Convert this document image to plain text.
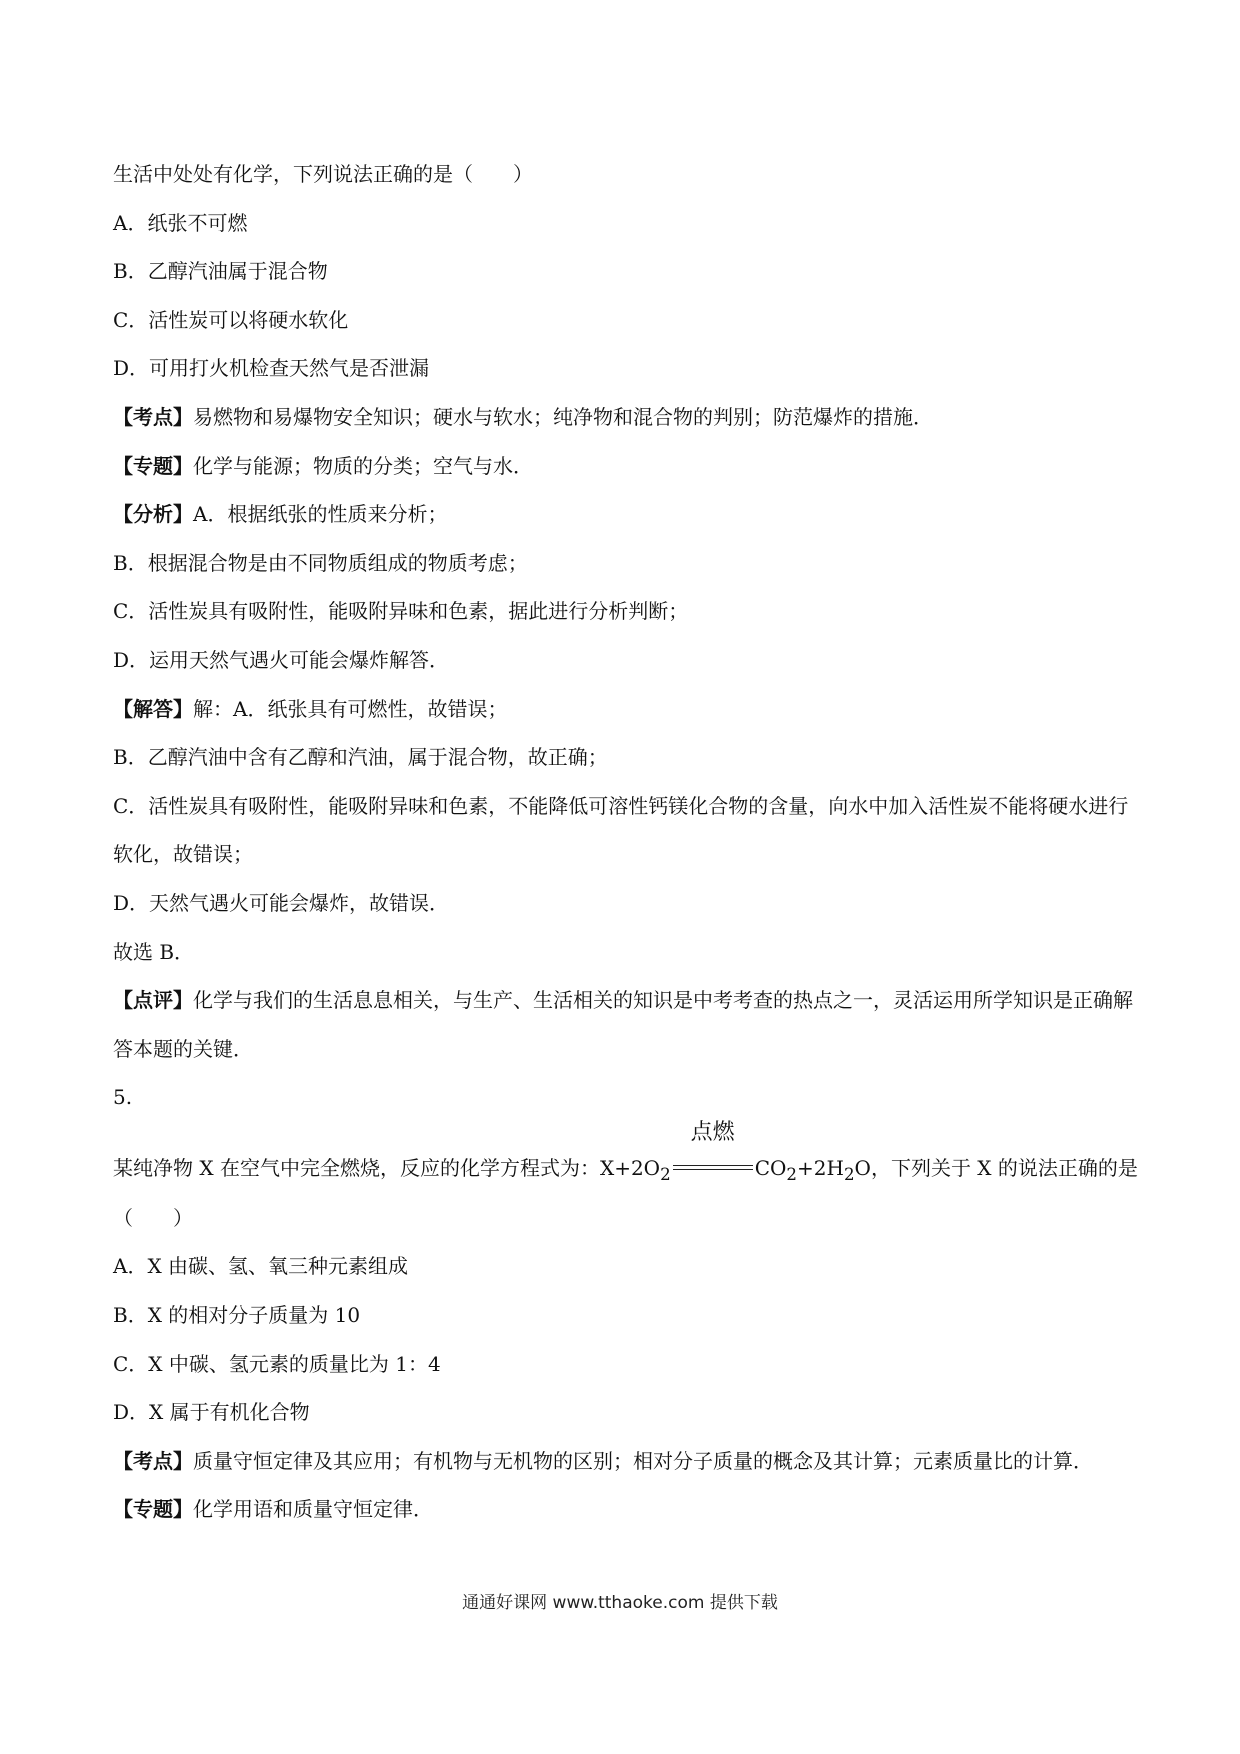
生活中处处有化学，下列说法正确的是（　　）
A．纸张不可燃
B．乙醇汽油属于混合物
C．活性炭可以将硬水软化
D．可用打火机检查天然气是否泄漏
【考点】易燃物和易爆物安全知识；硬水与软水；纯净物和混合物的判别；防范爆炸的措施．
【专题】化学与能源；物质的分类；空气与水．
【分析】A．根据纸张的性质来分析；
B．根据混合物是由不同物质组成的物质考虑；
C．活性炭具有吸附性，能吸附异味和色素，据此进行分析判断；
D．运用天然气遇火可能会爆炸解答．
【解答】解：A．纸张具有可燃性，故错误；
B．乙醇汽油中含有乙醇和汽油，属于混合物，故正确；
C．活性炭具有吸附性，能吸附异味和色素，不能降低可溶性钙镁化合物的含量，向水中加入活性炭不能将硬水进行软化，故错误；
D．天然气遇火可能会爆炸，故错误．
故选 B．
【点评】化学与我们的生活息息相关，与生产、生活相关的知识是中考考查的热点之一，灵活运用所学知识是正确解答本题的关键．
5.
某纯净物 X 在空气中完全燃烧，反应的化学方程式为：$X+2O_2$
点燃
$CO_2+2H_2O$，下列关于 X 的说法正确的是
（　　）
A．X 由碳、氢、氧三种元素组成
B．X 的相对分子质量为 10
C．X 中碳、氢元素的质量比为 1：4
D．X 属于有机化合物
【考点】质量守恒定律及其应用；有机物与无机物的区别；相对分子质量的概念及其计算；元素质量比的计算．
【专题】化学用语和质量守恒定律．
通通好课网 www.tthaoke.com 提供下载
